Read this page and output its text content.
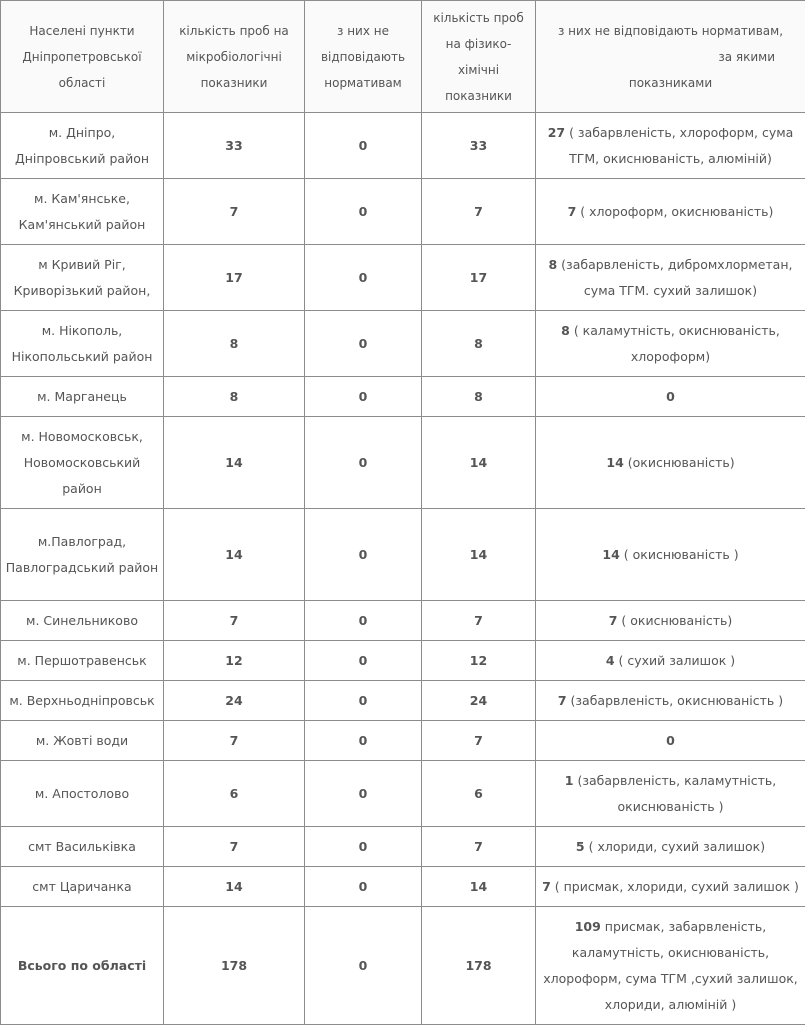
Населені пункти Дніпропетровської області	кількість проб на мікробіологічні показники	з них не відповідають нормативам	кількість проб на фізико-хімічні показники	з них не відповідають нормативам,
за якими
показниками

м. Дніпро, Дніпровський район	33	0	33	27 ( забарвленість, хлороформ, сума ТГМ, окиснюваність, алюміній)
м. Кам'янське, Кам'янський район	7	0	7	7 ( хлороформ, окиснюваність)
м Кривий Ріг, Криворізький район,	17	0	17	8 (забарвленість, дибромхлорметан, сума ТГМ. сухий залишок)
м. Нікополь, Нікопольський район	8	0	8	8 ( каламутність, окиснюваність, хлороформ)
м. Марганець	8	0	8	0
м. Новомосковськ, Новомосковський район	14	0	14	14 (окиснюваність)
м.Павлоград, Павлоградський район	14	0	14	14 ( окиснюваність )
м. Синельниково	7	0	7	7 ( окиснюваність)
м. Першотравенськ	12	0	12	4 ( сухий залишок )
м. Верхньодніпровськ	24	0	24	7 (забарвленість, окиснюваність )
м. Жовті води	7	0	7	0
м. Апостолово	6	0	6	1 (забарвленість, каламутність, окиснюваність )
смт Васильківка	7	0	7	5 ( хлориди, сухий залишок)
смт Царичанка	14	0	14	7 ( присмак, хлориди, сухий залишок )
Всього по області	178	0	178	109 присмак, забарвленість, каламутність, окиснюваність, хлороформ, сума ТГМ ,сухий залишок, хлориди, алюміній )
